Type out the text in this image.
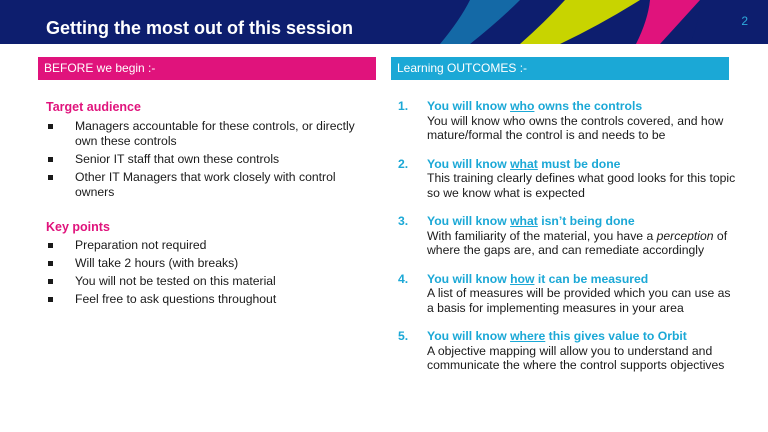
Getting the most out of this session	2
BEFORE we begin :-	Learning OUTCOMES :-
Target audience
Managers accountable for these controls, or directly own these controls
Senior IT staff that own these controls
Other IT Managers that work closely with control owners
Key points
Preparation not required
Will take 2 hours (with breaks)
You will not be tested on this material
Feel free to ask questions throughout
1. You will know who owns the controls
You will know who owns the controls covered, and how mature/formal the control is and needs to be
2. You will know what must be done
This training clearly defines what good looks for this topic so we know what is expected
3. You will know what isn’t being done
With familiarity of the material, you have a perception of where the gaps are, and can remediate accordingly
4. You will know how it can be measured
A list of measures will be provided which you can use as a basis for implementing measures in your area
5. You will know where this gives value to Orbit
A objective mapping will allow you to understand and communicate the where the control supports objectives
